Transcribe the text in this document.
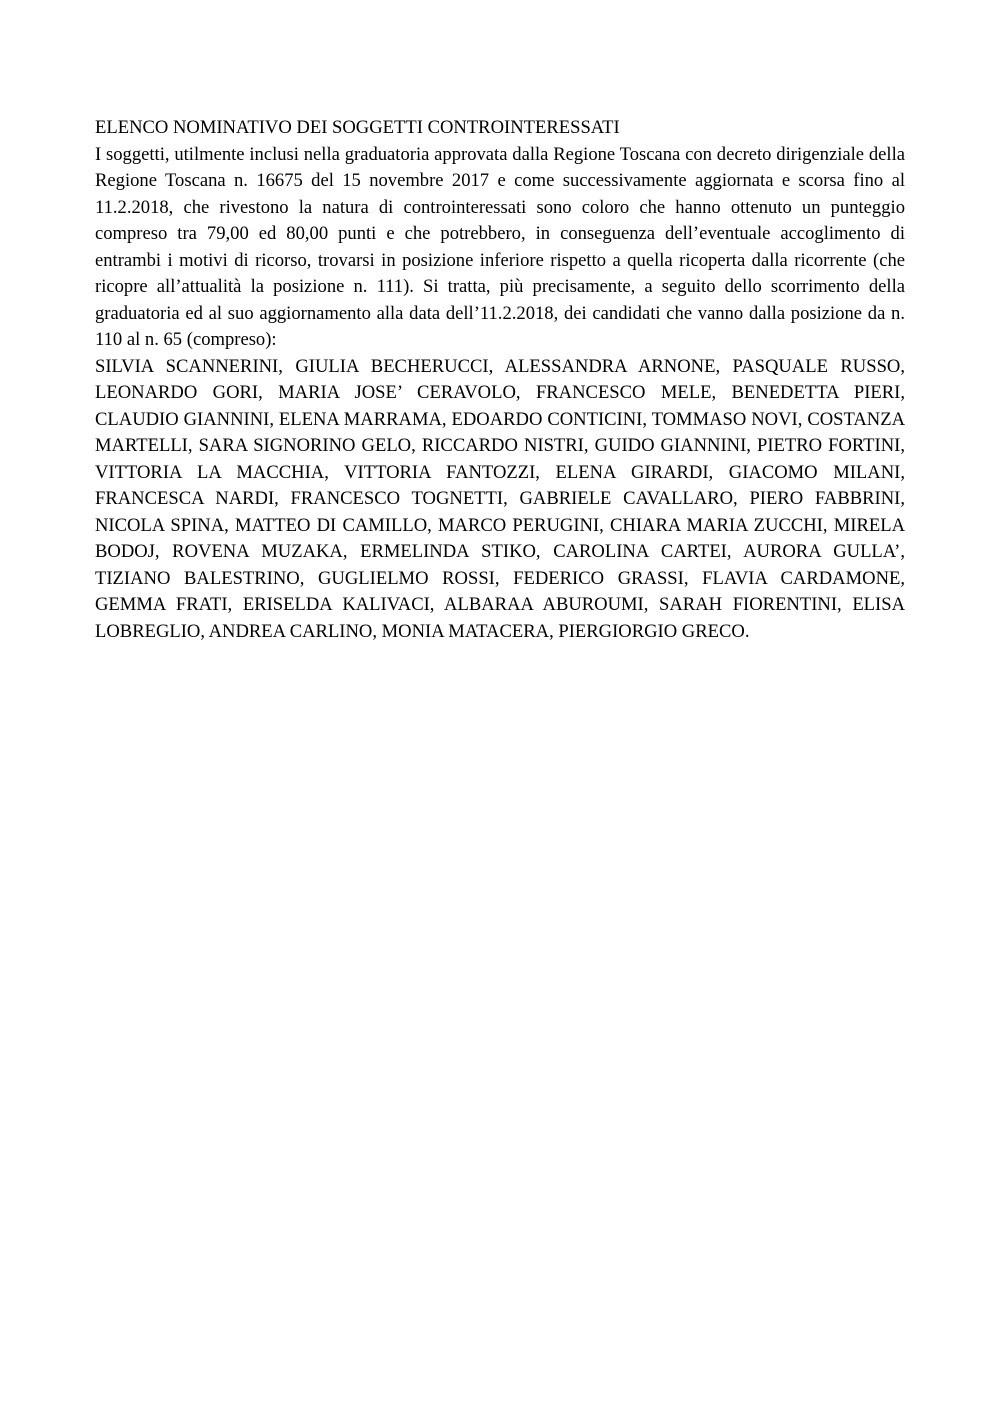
ELENCO NOMINATIVO DEI SOGGETTI CONTROINTERESSATI

I soggetti, utilmente inclusi nella graduatoria approvata dalla Regione Toscana con decreto dirigenziale della Regione Toscana n. 16675 del 15 novembre 2017 e come successivamente aggiornata e scorsa fino al 11.2.2018, che rivestono la natura di controinteressati sono coloro che hanno ottenuto un punteggio compreso tra 79,00 ed 80,00 punti e che potrebbero, in conseguenza dell’eventuale accoglimento di entrambi i motivi di ricorso, trovarsi in posizione inferiore rispetto a quella ricoperta dalla ricorrente (che ricopre all’attualità la posizione n. 111). Si tratta, più precisamente, a seguito dello scorrimento della graduatoria ed al suo aggiornamento alla data dell’11.2.2018, dei candidati che vanno dalla posizione da n. 110 al n. 65 (compreso):

SILVIA SCANNERINI, GIULIA BECHERUCCI, ALESSANDRA ARNONE, PASQUALE RUSSO, LEONARDO GORI, MARIA JOSE’ CERAVOLO, FRANCESCO MELE, BENEDETTA PIERI, CLAUDIO GIANNINI, ELENA MARRAMA, EDOARDO CONTICINI, TOMMASO NOVI, COSTANZA MARTELLI, SARA SIGNORINO GELO, RICCARDO NISTRI, GUIDO GIANNINI, PIETRO FORTINI, VITTORIA LA MACCHIA, VITTORIA FANTOZZI, ELENA GIRARDI, GIACOMO MILANI, FRANCESCA NARDI, FRANCESCO TOGNETTI, GABRIELE CAVALLARO, PIERO FABBRINI, NICOLA SPINA, MATTEO DI CAMILLO, MARCO PERUGINI, CHIARA MARIA ZUCCHI, MIRELA BODOJ, ROVENA MUZAKA, ERMELINDA STIKO, CAROLINA CARTEI, AURORA GULLA’, TIZIANO BALESTRINO, GUGLIELMO ROSSI, FEDERICO GRASSI, FLAVIA CARDAMONE, GEMMA FRATI, ERISELDA KALIVACI, ALBARAA ABUROUMI, SARAH FIORENTINI, ELISA LOBREGLIO, ANDREA CARLINO, MONIA MATACERA, PIERGIORGIO GRECO.
